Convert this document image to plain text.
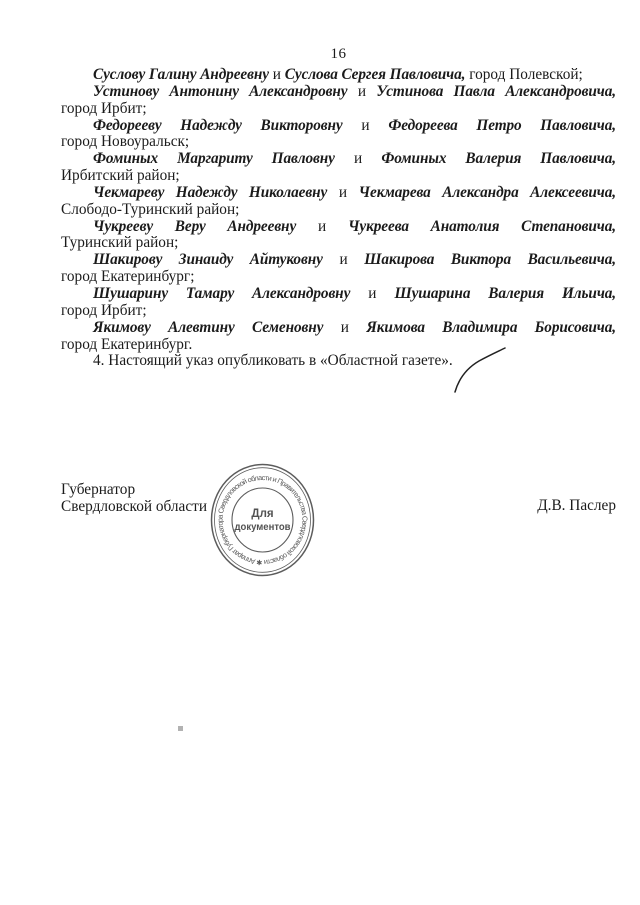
16
Суслову Галину Андреевну и Суслова Сергея Павловича, город Полевской;
Устинову Антонину Александровну и Устинова Павла Александровича,
город Ирбит;
Федорееву Надежду Викторовну и Федореева Петро Павловича,
город Новоуральск;
Фоминых Маргариту Павловну и Фоминых Валерия Павловича,
Ирбитский район;
Чекмареву Надежду Николаевну и Чекмарева Александра Алексеевича,
Слободо-Туринский район;
Чукрееву Веру Андреевну и Чукреева Анатолия Степановича,
Туринский район;
Шакирову Зинаиду Айтуковну и Шакирова Виктора Васильевича,
город Екатеринбург;
Шушарину Тамару Александровну и Шушарина Валерия Ильича,
город Ирбит;
Якимову Алевтину Семеновну и Якимова Владимира Борисовича,
город Екатеринбург.
4. Настоящий указ опубликовать в «Областной газете».
Губернатор
Свердловской области	Д.В. Паслер
✱ Аппарат Губернатора Свердловской области и Правительства Свердловской области
Для
документов
